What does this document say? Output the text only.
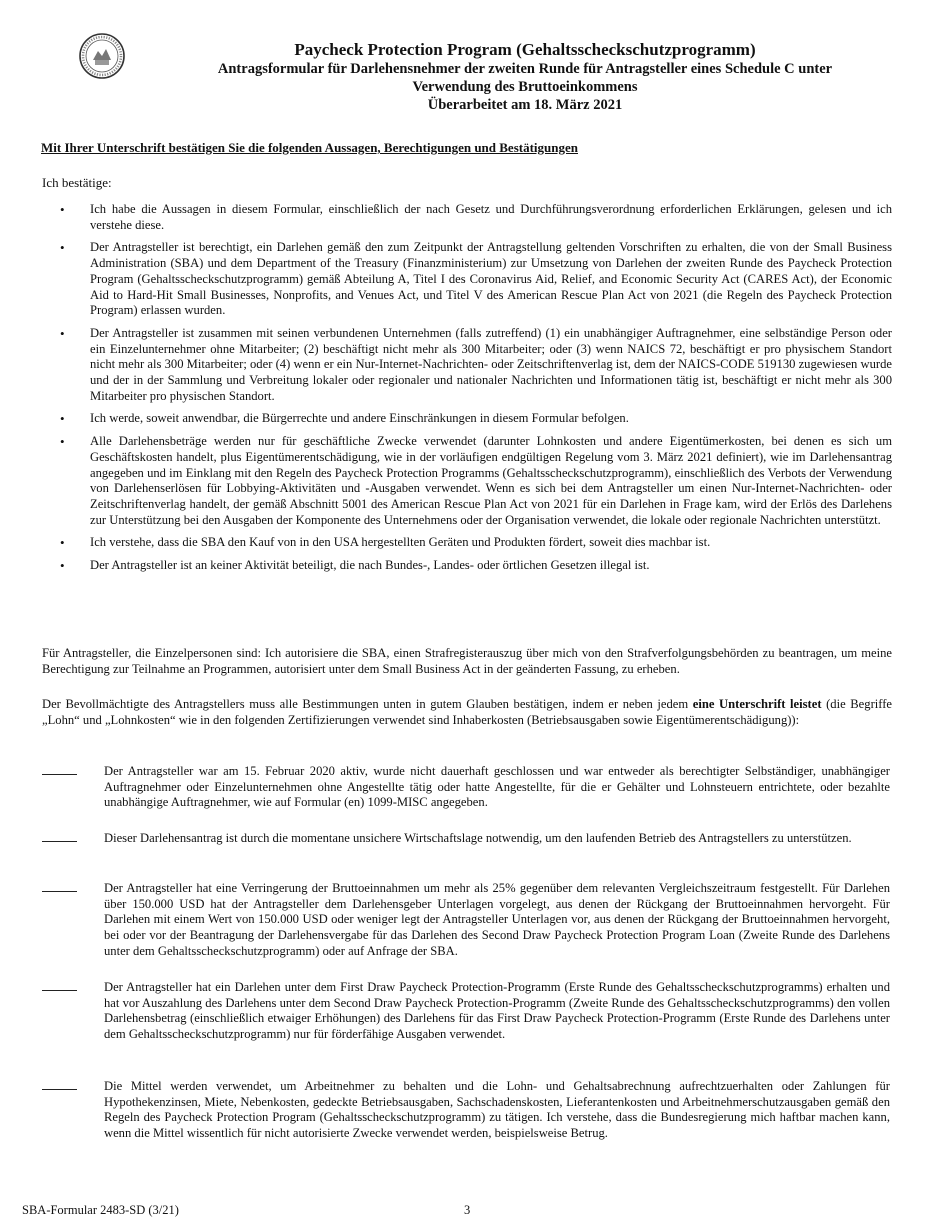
Paycheck Protection Program (Gehaltsscheckschutzprogramm)
Antragsformular für Darlehensnehmer der zweiten Runde für Antragsteller eines Schedule C unter
Verwendung des Bruttoeinkommens
Überarbeitet am 18. März 2021
Mit Ihrer Unterschrift bestätigen Sie die folgenden Aussagen, Berechtigungen und Bestätigungen
Ich bestätige:
• Ich habe die Aussagen in diesem Formular, einschließlich der nach Gesetz und Durchführungsverordnung erforderlichen Erklärungen, gelesen und ich verstehe diese.
• Der Antragsteller ist berechtigt, ein Darlehen gemäß den zum Zeitpunkt der Antragstellung geltenden Vorschriften zu erhalten, die von der Small Business Administration (SBA) und dem Department of the Treasury (Finanzministerium) zur Umsetzung von Darlehen der zweiten Runde des Paycheck Protection Program (Gehaltsscheckschutzprogramm) gemäß Abteilung A, Titel I des Coronavirus Aid, Relief, and Economic Security Act (CARES Act), der Economic Aid to Hard-Hit Small Businesses, Nonprofits, and Venues Act, und Titel V des American Rescue Plan Act von 2021 (die Regeln des Paycheck Protection Program) erlassen wurden.
• Der Antragsteller ist zusammen mit seinen verbundenen Unternehmen (falls zutreffend) (1) ein unabhängiger Auftragnehmer, eine selbständige Person oder ein Einzelunternehmer ohne Mitarbeiter; (2) beschäftigt nicht mehr als 300 Mitarbeiter; oder (3) wenn NAICS 72, beschäftigt er pro physischem Standort nicht mehr als 300 Mitarbeiter; oder (4) wenn er ein Nur-Internet-Nachrichten- oder Zeitschriftenverlag ist, dem der NAICS-CODE 519130 zugewiesen wurde und der in der Sammlung und Verbreitung lokaler oder regionaler und nationaler Nachrichten und Informationen tätig ist, beschäftigt er nicht mehr als 300 Mitarbeiter pro physischen Standort.
• Ich werde, soweit anwendbar, die Bürgerrechte und andere Einschränkungen in diesem Formular befolgen.
• Alle Darlehensbeträge werden nur für geschäftliche Zwecke verwendet (darunter Lohnkosten und andere Eigentümerkosten, bei denen es sich um Geschäftskosten handelt, plus Eigentümerentschädigung, wie in der vorläufigen endgültigen Regelung vom 3. März 2021 definiert), wie im Darlehensantrag angegeben und im Einklang mit den Regeln des Paycheck Protection Programms (Gehaltsscheckschutzprogramm), einschließlich des Verbots der Verwendung von Darlehenserlösen für Lobbying-Aktivitäten und -Ausgaben verwendet. Wenn es sich bei dem Antragsteller um einen Nur-Internet-Nachrichten- oder Zeitschriftenverlag handelt, der gemäß Abschnitt 5001 des American Rescue Plan Act von 2021 für ein Darlehen in Frage kam, wird der Erlös des Darlehens zur Unterstützung bei den Ausgaben der Komponente des Unternehmens oder der Organisation verwendet, die lokale oder regionale Nachrichten unterstützt.
• Ich verstehe, dass die SBA den Kauf von in den USA hergestellten Geräten und Produkten fördert, soweit dies machbar ist.
• Der Antragsteller ist an keiner Aktivität beteiligt, die nach Bundes-, Landes- oder örtlichen Gesetzen illegal ist.

Für Antragsteller, die Einzelpersonen sind: Ich autorisiere die SBA, einen Strafregisterauszug über mich von den Strafverfolgungsbehörden zu beantragen, um meine Berechtigung zur Teilnahme an Programmen, autorisiert unter dem Small Business Act in der geänderten Fassung, zu erheben.

Der Bevollmächtigte des Antragstellers muss alle Bestimmungen unten in gutem Glauben bestätigen, indem er neben jedem eine Unterschrift leistet (die Begriffe „Lohn“ und „Lohnkosten“ wie in den folgenden Zertifizierungen verwendet sind Inhaberkosten (Betriebsausgaben sowie Eigentümerentschädigung)):

Der Antragsteller war am 15. Februar 2020 aktiv, wurde nicht dauerhaft geschlossen und war entweder als berechtigter Selbständiger, unabhängiger Auftragnehmer oder Einzelunternehmen ohne Angestellte tätig oder hatte Angestellte, für die er Gehälter und Lohnsteuern entrichtete, oder bezahlte unabhängige Auftragnehmer, wie auf Formular (en) 1099-MISC angegeben.
Dieser Darlehensantrag ist durch die momentane unsichere Wirtschaftslage notwendig, um den laufenden Betrieb des Antragstellers zu unterstützen.
Der Antragsteller hat eine Verringerung der Bruttoeinnahmen um mehr als 25% gegenüber dem relevanten Vergleichszeitraum festgestellt. Für Darlehen über 150.000 USD hat der Antragsteller dem Darlehensgeber Unterlagen vorgelegt, aus denen der Rückgang der Bruttoeinnahmen hervorgeht. Für Darlehen mit einem Wert von 150.000 USD oder weniger legt der Antragsteller Unterlagen vor, aus denen der Rückgang der Bruttoeinnahmen hervorgeht, bei oder vor der Beantragung der Darlehensvergabe für das Darlehen des Second Draw Paycheck Protection Program Loan (Zweite Runde des Darlehens unter dem Gehaltsscheckschutzprogramm) oder auf Anfrage der SBA.
Der Antragsteller hat ein Darlehen unter dem First Draw Paycheck Protection-Programm (Erste Runde des Gehaltsscheckschutzprogramms) erhalten und hat vor Auszahlung des Darlehens unter dem Second Draw Paycheck Protection-Programm (Zweite Runde des Gehaltsscheckschutzprogramms) den vollen Darlehensbetrag (einschließlich etwaiger Erhöhungen) des Darlehens für das First Draw Paycheck Protection-Programm (Erste Runde des Darlehens unter dem Gehaltsscheckschutzprogramm) nur für förderfähige Ausgaben verwendet.
Die Mittel werden verwendet, um Arbeitnehmer zu behalten und die Lohn- und Gehaltsabrechnung aufrechtzuerhalten oder Zahlungen für Hypothekenzinsen, Miete, Nebenkosten, gedeckte Betriebsausgaben, Sachschadenskosten, Lieferantenkosten und Arbeitnehmerschutzausgaben gemäß den Regeln des Paycheck Protection Program (Gehaltsscheckschutzprogramm) zu tätigen. Ich verstehe, dass die Bundesregierung mich haftbar machen kann, wenn die Mittel wissentlich für nicht autorisierte Zwecke verwendet werden, beispielsweise Betrug.
SBA-Formular 2483-SD (3/21)	3
